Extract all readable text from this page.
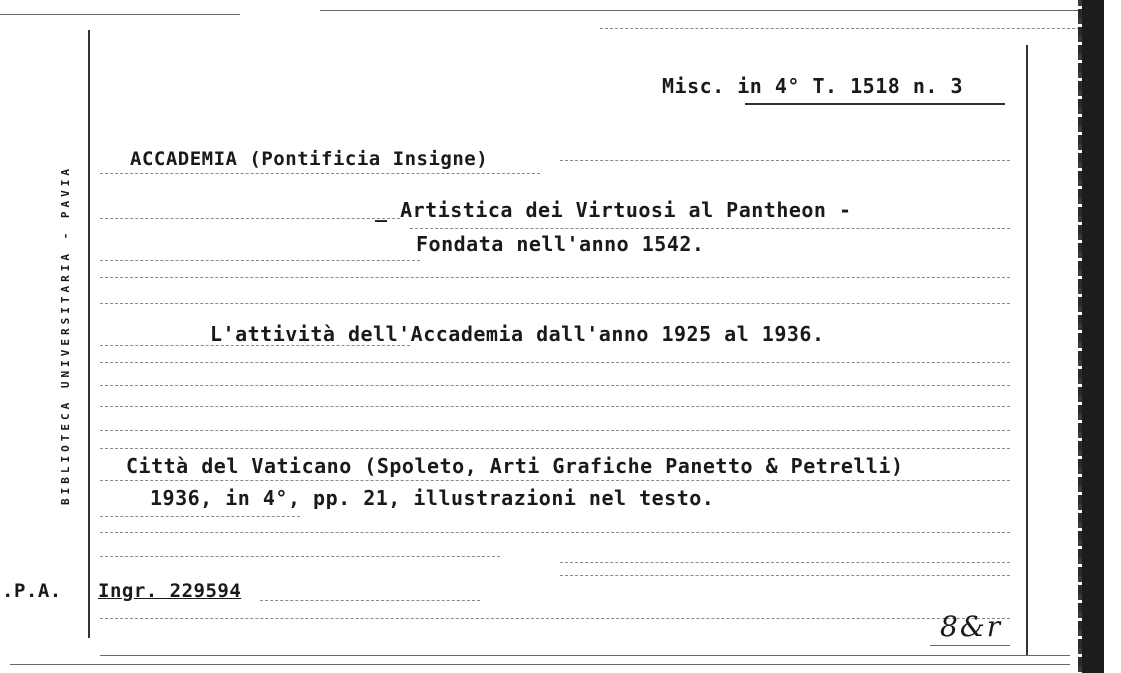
BIBLIOTECA UNIVERSITARIA - PAVIA
Misc. in 4° T. 1518 n. 3
ACCADEMIA (Pontificia Insigne)
_ Artistica dei Virtuosi al Pantheon -
Fondata nell'anno 1542.
L'attività dell'Accademia dall'anno 1925 al 1936.
Città del Vaticano (Spoleto, Arti Grafiche Panetto & Petrelli)
1936, in 4°, pp. 21, illustrazioni nel testo.
.P.A. Ingr. 229594
8&r
